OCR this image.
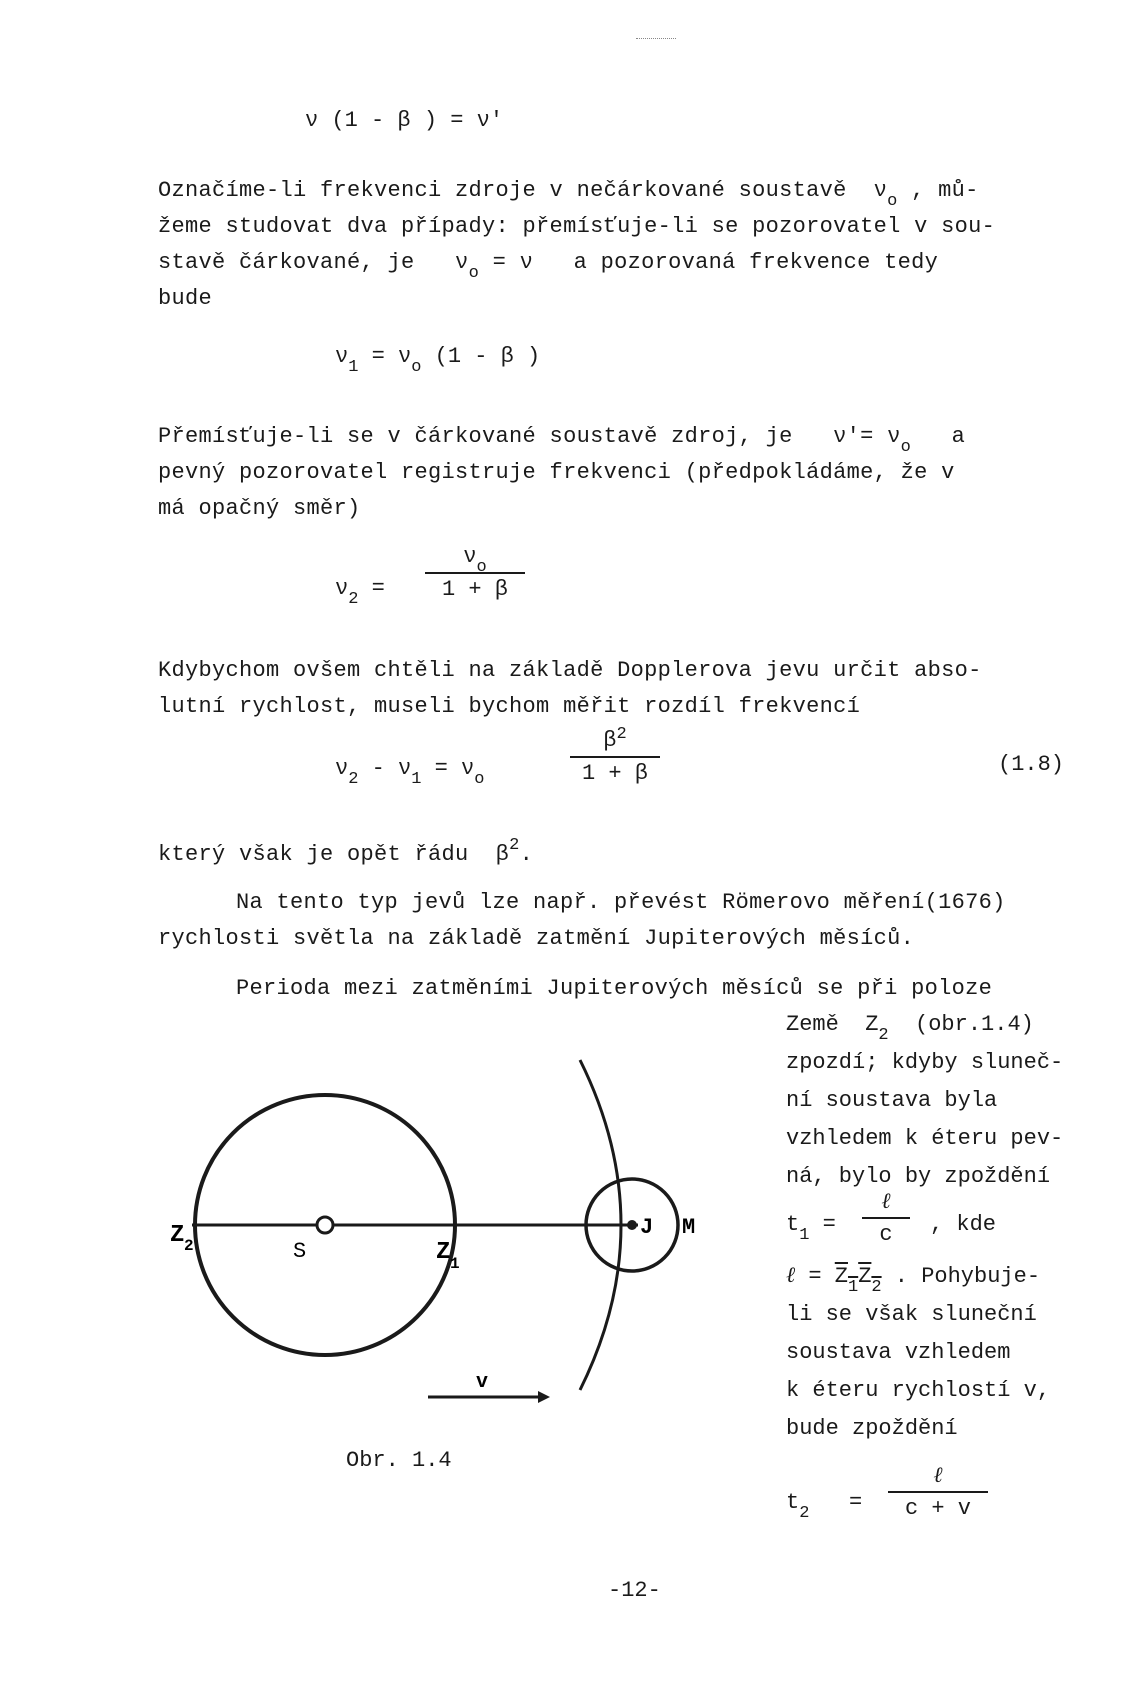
ν (1 - β ) = ν′
Označíme-li frekvenci zdroje v nečárkované soustavě  $\nu_o$ , mů-
žeme studovat dva případy: přemísťuje-li se pozorovatel v sou-
stavě čárkované, je   $\nu_o = \nu$   a pozorovaná frekvence tedy
bude
$\nu_1 = \nu_o$ (1 - β )
Přemísťuje-li se v čárkované soustavě zdroj, je   $\nu'= \nu_o$ a
pevný pozorovatel registruje frekvenci (předpokládáme, že v
má opačný směr)
$\nu_2$ =
$\nu_o$
1 + β
Kdybychom ovšem chtěli na základě Dopplerova jevu určit abso-
lutní rychlost, museli bychom měřit rozdíl frekvencí
$\nu_2 - \nu_1 = \nu_o$
$\beta^2$
1 + β	(1.8)
který však je opět řádu  $\beta^2$.
Na tento typ jevů lze např. převést Römerovo měření(1676)
rychlosti světla na základě zatmění Jupiterových měsíců.
Perioda mezi zatměními Jupiterových měsíců se při poloze
Země  $Z_2$ (obr.1.4)
zpozdí; kdyby sluneč-
ní soustava byla
vzhledem k éteru pev-
ná, bylo by zpoždění
$t_1$ =
ℓ
c	, kde
ℓ = $Z_1Z_2$ . Pohybuje-
li se však sluneční
soustava vzhledem
k éteru rychlostí v,
bude zpoždění
$t_2$   =
ℓ
c + v
Z 2	S	Z 1
J M
v
Obr. 1.4
-12-
